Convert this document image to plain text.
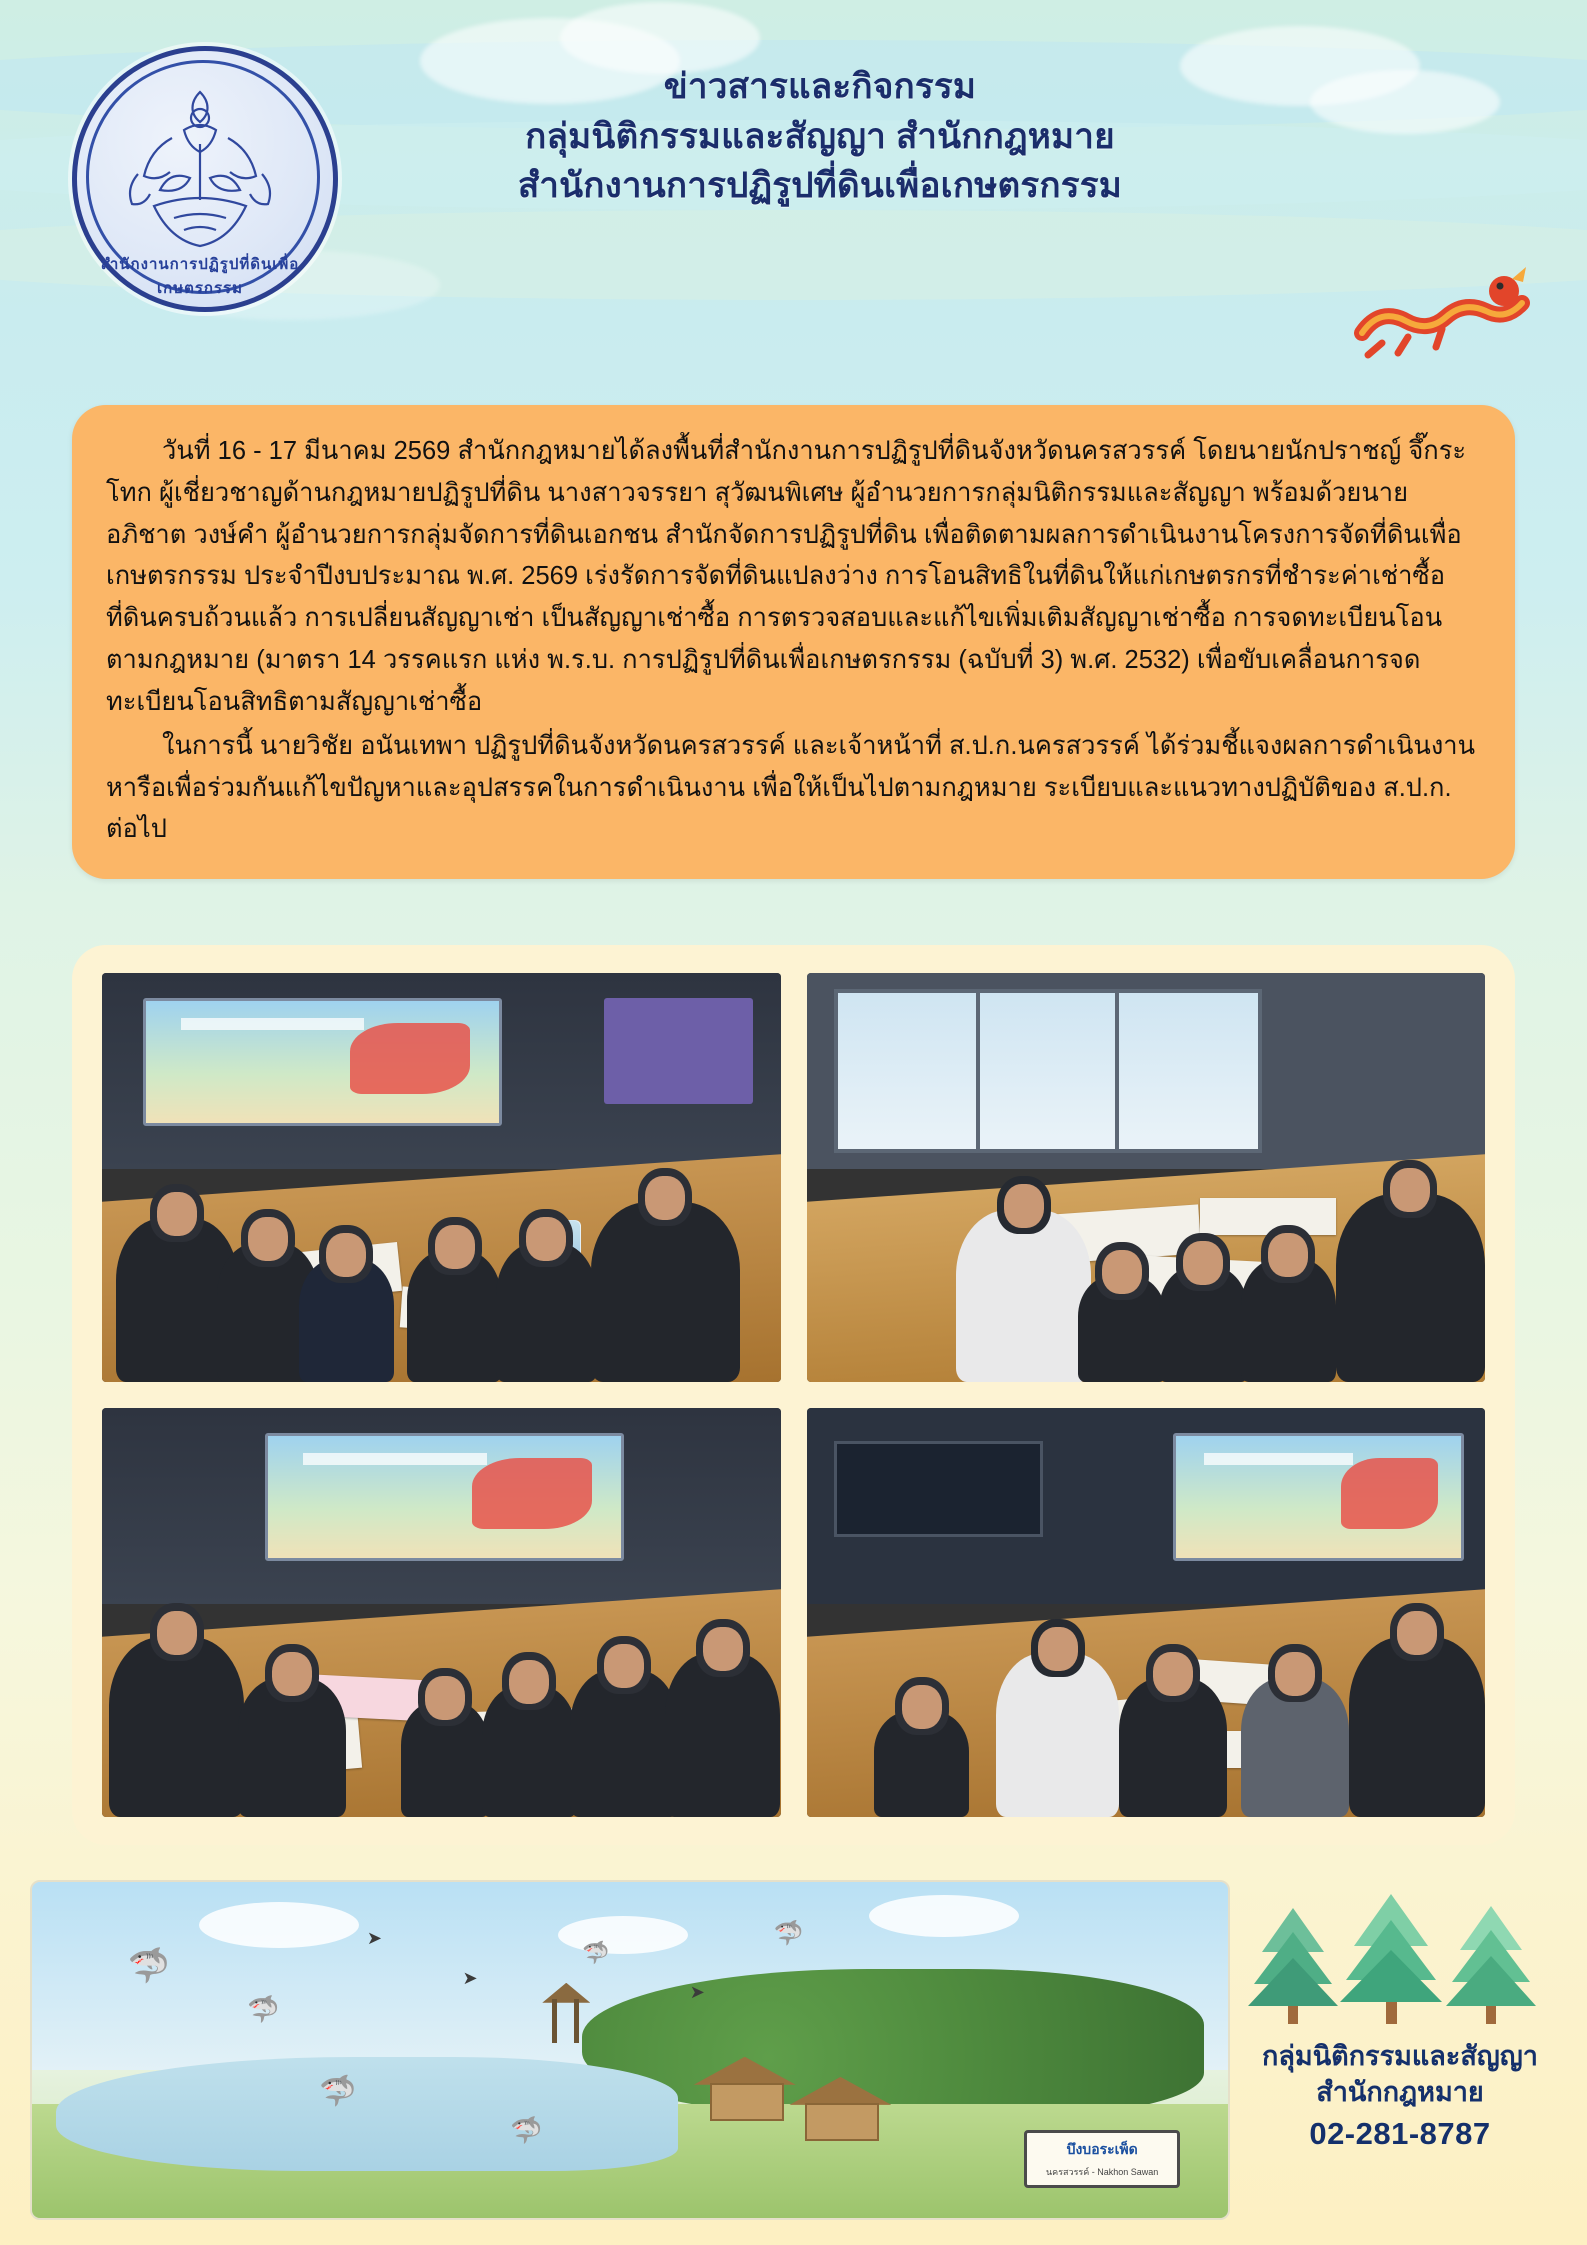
สำนักงานการปฏิรูปที่ดินเพื่อเกษตรกรรม
ข่าวสารและกิจกรรม
กลุ่มนิติกรรมและสัญญา สำนักกฎหมาย
สำนักงานการปฏิรูปที่ดินเพื่อเกษตรกรรม

วันที่ 16 - 17 มีนาคม 2569 สำนักกฎหมายได้ลงพื้นที่สำนักงานการปฏิรูปที่ดินจังหวัดนครสวรรค์ โดยนายนักปราชญ์ จึ๊กระโทก ผู้เชี่ยวชาญด้านกฎหมายปฏิรูปที่ดิน นางสาวจรรยา สุวัฒนพิเศษ ผู้อำนวยการกลุ่มนิติกรรมและสัญญา พร้อมด้วยนายอภิชาต วงษ์คำ ผู้อำนวยการกลุ่มจัดการที่ดินเอกชน สำนักจัดการปฏิรูปที่ดิน เพื่อติดตามผลการดำเนินงานโครงการจัดที่ดินเพื่อเกษตรกรรม ประจำปีงบประมาณ พ.ศ. 2569 เร่งรัดการจัดที่ดินแปลงว่าง การโอนสิทธิในที่ดินให้แก่เกษตรกรที่ชำระค่าเช่าซื้อที่ดินครบถ้วนแล้ว การเปลี่ยนสัญญาเช่า เป็นสัญญาเช่าซื้อ การตรวจสอบและแก้ไขเพิ่มเติมสัญญาเช่าซื้อ การจดทะเบียนโอนตามกฎหมาย (มาตรา 14 วรรคแรก แห่ง พ.ร.บ. การปฏิรูปที่ดินเพื่อเกษตรกรรม (ฉบับที่ 3) พ.ศ. 2532) เพื่อขับเคลื่อนการจดทะเบียนโอนสิทธิตามสัญญาเช่าซื้อ

ในการนี้ นายวิชัย อนันเทพา ปฏิรูปที่ดินจังหวัดนครสวรรค์ และเจ้าหน้าที่ ส.ป.ก.นครสวรรค์ ได้ร่วมชี้แจงผลการดำเนินงาน หารือเพื่อร่วมกันแก้ไขปัญหาและอุปสรรคในการดำเนินงาน เพื่อให้เป็นไปตามกฎหมาย ระเบียบและแนวทางปฏิบัติของ ส.ป.ก. ต่อไป

🦈
🦈
➤
➤
🦈
➤
🦈
🦈
🦈
บึงบอระเพ็ด
นครสวรรค์ - Nakhon Sawan
กลุ่มนิติกรรมและสัญญา
สำนักกฎหมาย
02-281-8787
